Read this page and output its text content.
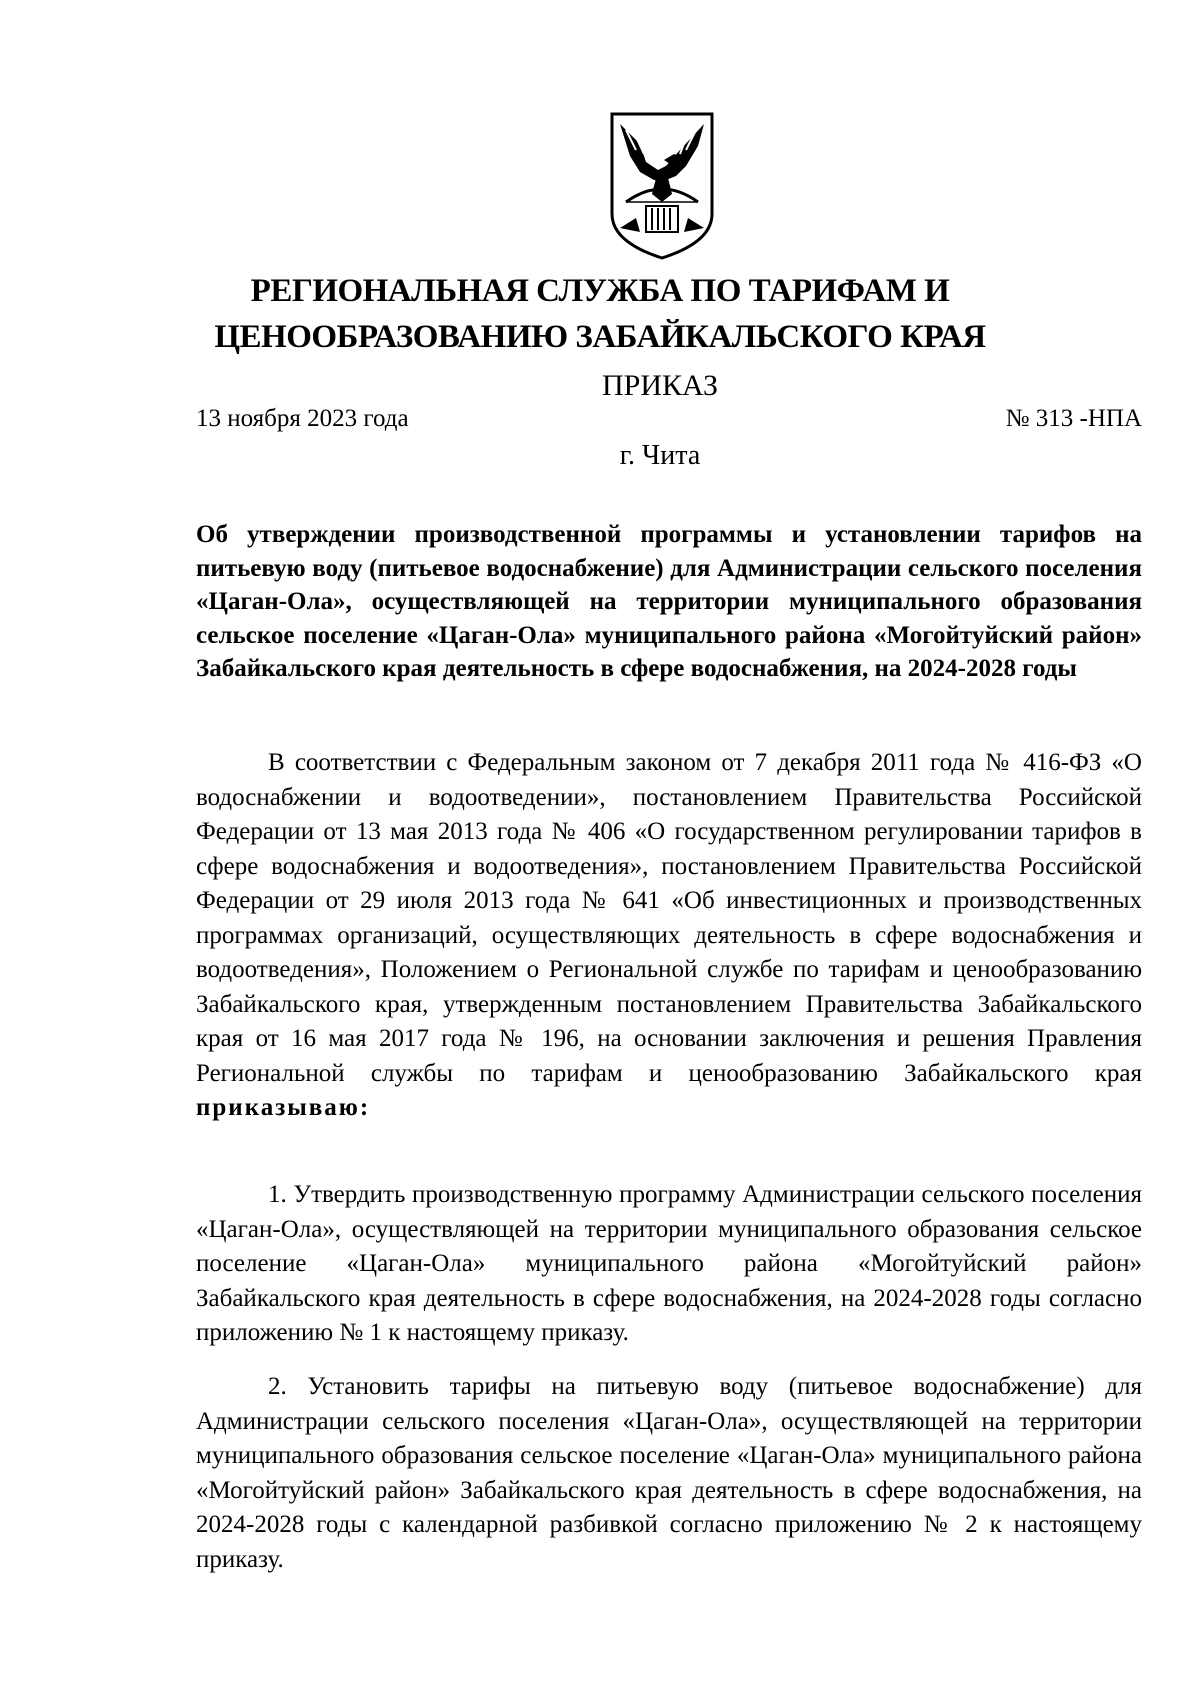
РЕГИОНАЛЬНАЯ СЛУЖБА ПО ТАРИФАМ И
ЦЕНООБРАЗОВАНИЮ ЗАБАЙКАЛЬСКОГО КРАЯ
ПРИКАЗ
13 ноября 2023 года	№ 313 -НПА
г. Чита
Об утверждении производственной программы и установлении тарифов на питьевую воду (питьевое водоснабжение) для Администрации сельского поселения «Цаган-Ола», осуществляющей на территории муниципального образования сельское поселение «Цаган-Ола» муниципального района «Могойтуйский район» Забайкальского края деятельность в сфере водоснабжения, на 2024-2028 годы
В соответствии с Федеральным законом от 7 декабря 2011 года № 416-ФЗ «О водоснабжении и водоотведении», постановлением Правительства Российской Федерации от 13 мая 2013 года № 406 «О государственном регулировании тарифов в сфере водоснабжения и водоотведения», постановлением Правительства Российской Федерации от 29 июля 2013 года № 641 «Об инвестиционных и производственных программах организаций, осуществляющих деятельность в сфере водоснабжения и водоотведения», Положением о Региональной службе по тарифам и ценообразованию Забайкальского края, утвержденным постановлением Правительства Забайкальского края от 16 мая 2017 года № 196, на основании заключения и решения Правления Региональной службы по тарифам и ценообразованию Забайкальского края приказываю:
1. Утвердить производственную программу Администрации сельского поселения «Цаган-Ола», осуществляющей на территории муниципального образования сельское поселение «Цаган-Ола» муниципального района «Могойтуйский район» Забайкальского края деятельность в сфере водоснабжения, на 2024-2028 годы согласно приложению № 1 к настоящему приказу.
2. Установить тарифы на питьевую воду (питьевое водоснабжение) для Администрации сельского поселения «Цаган-Ола», осуществляющей на территории муниципального образования сельское поселение «Цаган-Ола» муниципального района «Могойтуйский район» Забайкальского края деятельность в сфере водоснабжения, на 2024-2028 годы с календарной разбивкой согласно приложению № 2 к настоящему приказу.
